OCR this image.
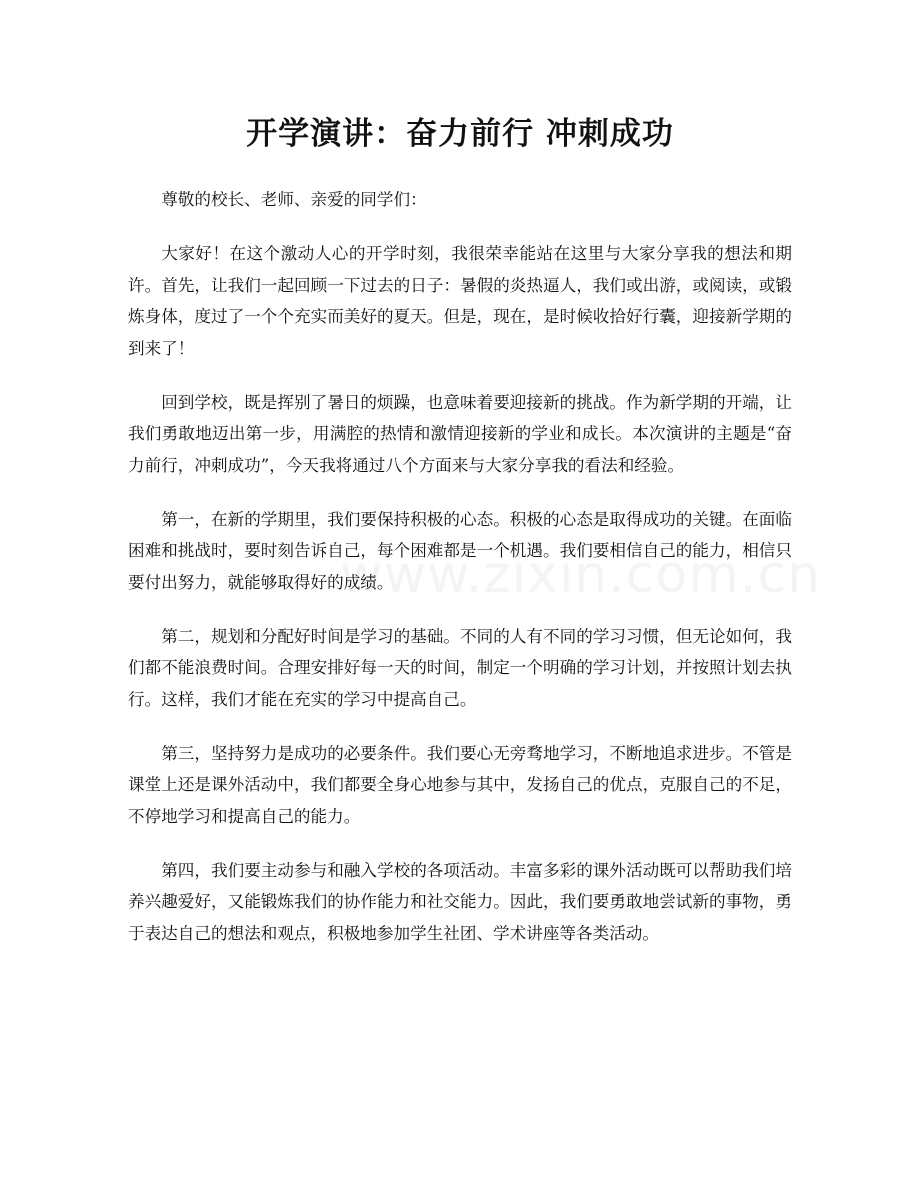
开学演讲：奋力前行 冲刺成功

尊敬的校长、老师、亲爱的同学们：

大家好！在这个激动人心的开学时刻，我很荣幸能站在这里与大家分享我的想法和期许。首先，让我们一起回顾一下过去的日子：暑假的炎热逼人，我们或出游，或阅读，或锻炼身体，度过了一个个充实而美好的夏天。但是，现在，是时候收拾好行囊，迎接新学期的到来了！

回到学校，既是挥别了暑日的烦躁，也意味着要迎接新的挑战。作为新学期的开端，让我们勇敢地迈出第一步，用满腔的热情和激情迎接新的学业和成长。本次演讲的主题是“奋力前行，冲刺成功”，今天我将通过八个方面来与大家分享我的看法和经验。

第一，在新的学期里，我们要保持积极的心态。积极的心态是取得成功的关键。在面临困难和挑战时，要时刻告诉自己，每个困难都是一个机遇。我们要相信自己的能力，相信只要付出努力，就能够取得好的成绩。

第二，规划和分配好时间是学习的基础。不同的人有不同的学习习惯，但无论如何，我们都不能浪费时间。合理安排好每一天的时间，制定一个明确的学习计划，并按照计划去执行。这样，我们才能在充实的学习中提高自己。

第三，坚持努力是成功的必要条件。我们要心无旁骛地学习，不断地追求进步。不管是课堂上还是课外活动中，我们都要全身心地参与其中，发扬自己的优点，克服自己的不足，不停地学习和提高自己的能力。

第四，我们要主动参与和融入学校的各项活动。丰富多彩的课外活动既可以帮助我们培养兴趣爱好，又能锻炼我们的协作能力和社交能力。因此，我们要勇敢地尝试新的事物，勇于表达自己的想法和观点，积极地参加学生社团、学术讲座等各类活动。
